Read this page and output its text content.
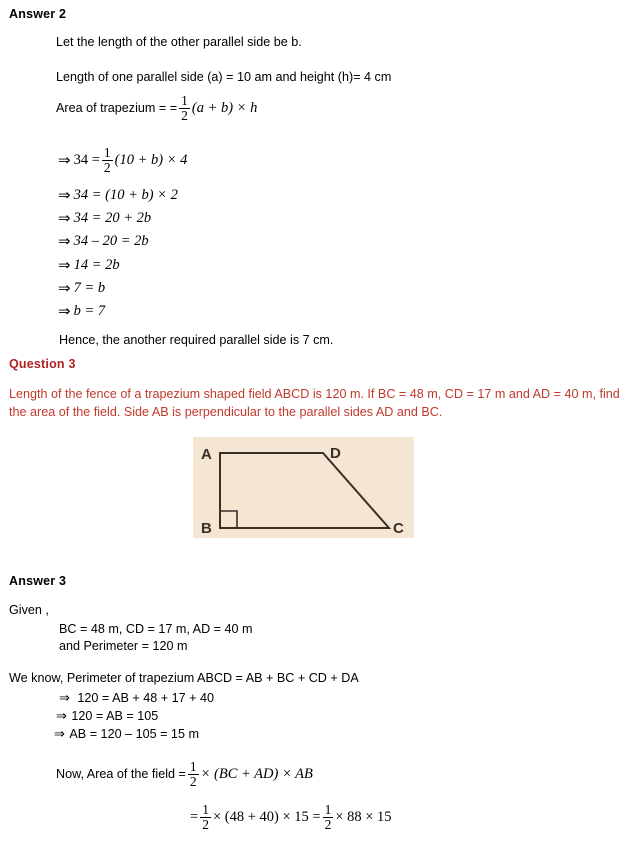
Answer 2
Let the length of the other parallel side be b.
Length of one parallel side (a) = 10 am and height (h)= 4 cm
Area of trapezium = = $\frac{1}{2} (a + b) \times h$
⇒ $34 = \frac{1}{2} (10 + b) \times 4$
⇒ 34 = (10 + b) × 2
⇒ 34 = 20 + 2b
⇒ 34 – 20 = 2b
⇒ 14 = 2b
⇒ 7 = b
⇒ b = 7
Hence, the another required parallel side is 7 cm.
Question 3
Length of the fence of a trapezium shaped field ABCD is 120 m. If BC = 48 m, CD = 17 m and AD = 40 m, find the area of the field. Side AB is perpendicular to the parallel sides AD and BC.
A	D
B	C
Answer 3
Given ,
BC = 48 m, CD = 17 m, AD = 40 m
and Perimeter = 120 m
We know, Perimeter of trapezium ABCD = AB + BC + CD + DA
⇒ 120 = AB + 48 + 17 + 40
⇒ 120 = AB = 105
⇒ AB = 120 – 105 = 15 m
Now, Area of the field = $\frac{1}{2} \times (BC + AD)$ × AB
= $\frac{1}{2} \times (48 + 40) \times 15 = \frac{1}{2} \times 88 \times 15$
